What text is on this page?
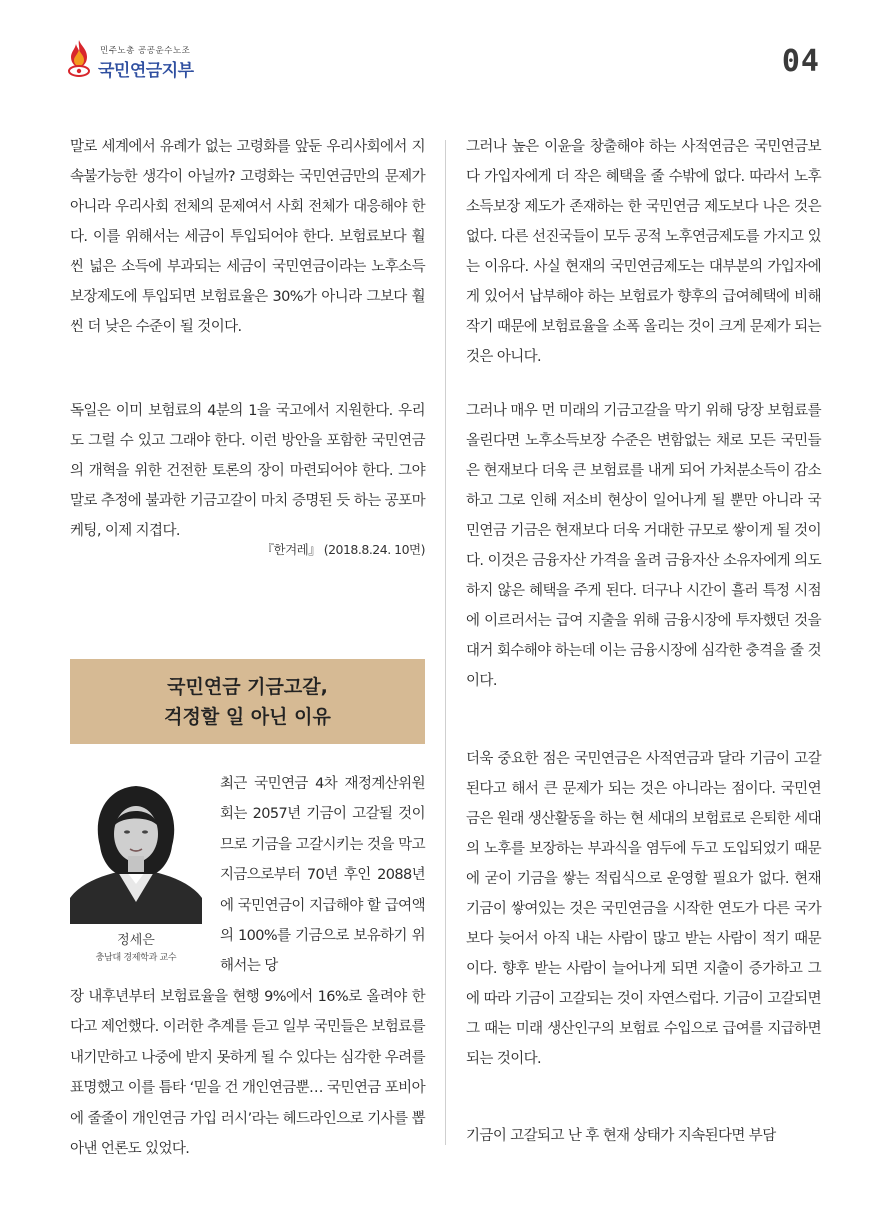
민주노총 공공운수노조
국민연금지부	04

말로 세계에서 유례가 없는 고령화를 앞둔 우리사회에서 지속불가능한 생각이 아닐까? 고령화는 국민연금만의 문제가 아니라 우리사회 전체의 문제여서 사회 전체가 대응해야 한다. 이를 위해서는 세금이 투입되어야 한다. 보험료보다 훨씬 넓은 소득에 부과되는 세금이 국민연금이라는 노후소득보장제도에 투입되면 보험료율은 30%가 아니라 그보다 훨씬 더 낮은 수준이 될 것이다.

독일은 이미 보험료의 4분의 1을 국고에서 지원한다. 우리도 그럴 수 있고 그래야 한다. 이런 방안을 포함한 국민연금의 개혁을 위한 건전한 토론의 장이 마련되어야 한다. 그야말로 추정에 불과한 기금고갈이 마치 증명된 듯 하는 공포마케팅, 이제 지겹다.

『한겨레』 (2018.8.24. 10면)
국민연금 기금고갈,
걱정할 일 아닌 이유
정세은
충남대 경제학과 교수

최근 국민연금 4차 재정계산위원회는 2057년 기금이 고갈될 것이므로 기금을 고갈시키는 것을 막고 지금으로부터 70년 후인 2088년에 국민연금이 지급해야 할 급여액의 100%를 기금으로 보유하기 위해서는 당

장 내후년부터 보험료율을 현행 9%에서 16%로 올려야 한다고 제언했다. 이러한 추계를 듣고 일부 국민들은 보험료를 내기만하고 나중에 받지 못하게 될 수 있다는 심각한 우려를 표명했고 이를 틈타 ‘믿을 건 개인연금뿐… 국민연금 포비아에 줄줄이 개인연금 가입 러시’라는 헤드라인으로 기사를 뽑아낸 언론도 있었다.

그러나 높은 이윤을 창출해야 하는 사적연금은 국민연금보다 가입자에게 더 작은 혜택을 줄 수밖에 없다. 따라서 노후소득보장 제도가 존재하는 한 국민연금 제도보다 나은 것은 없다. 다른 선진국들이 모두 공적 노후연금제도를 가지고 있는 이유다. 사실 현재의 국민연금제도는 대부분의 가입자에게 있어서 납부해야 하는 보험료가 향후의 급여혜택에 비해 작기 때문에 보험료율을 소폭 올리는 것이 크게 문제가 되는 것은 아니다.

그러나 매우 먼 미래의 기금고갈을 막기 위해 당장 보험료를 올린다면 노후소득보장 수준은 변함없는 채로 모든 국민들은 현재보다 더욱 큰 보험료를 내게 되어 가처분소득이 감소하고 그로 인해 저소비 현상이 일어나게 될 뿐만 아니라 국민연금 기금은 현재보다 더욱 거대한 규모로 쌓이게 될 것이다. 이것은 금융자산 가격을 올려 금융자산 소유자에게 의도하지 않은 혜택을 주게 된다. 더구나 시간이 흘러 특정 시점에 이르러서는 급여 지출을 위해 금융시장에 투자했던 것을 대거 회수해야 하는데 이는 금융시장에 심각한 충격을 줄 것이다.

더욱 중요한 점은 국민연금은 사적연금과 달라 기금이 고갈된다고 해서 큰 문제가 되는 것은 아니라는 점이다. 국민연금은 원래 생산활동을 하는 현 세대의 보험료로 은퇴한 세대의 노후를 보장하는 부과식을 염두에 두고 도입되었기 때문에 굳이 기금을 쌓는 적립식으로 운영할 필요가 없다. 현재 기금이 쌓여있는 것은 국민연금을 시작한 연도가 다른 국가보다 늦어서 아직 내는 사람이 많고 받는 사람이 적기 때문이다. 향후 받는 사람이 늘어나게 되면 지출이 증가하고 그에 따라 기금이 고갈되는 것이 자연스럽다. 기금이 고갈되면 그 때는 미래 생산인구의 보험료 수입으로 급여를 지급하면 되는 것이다.

기금이 고갈되고 난 후 현재 상태가 지속된다면 부담
